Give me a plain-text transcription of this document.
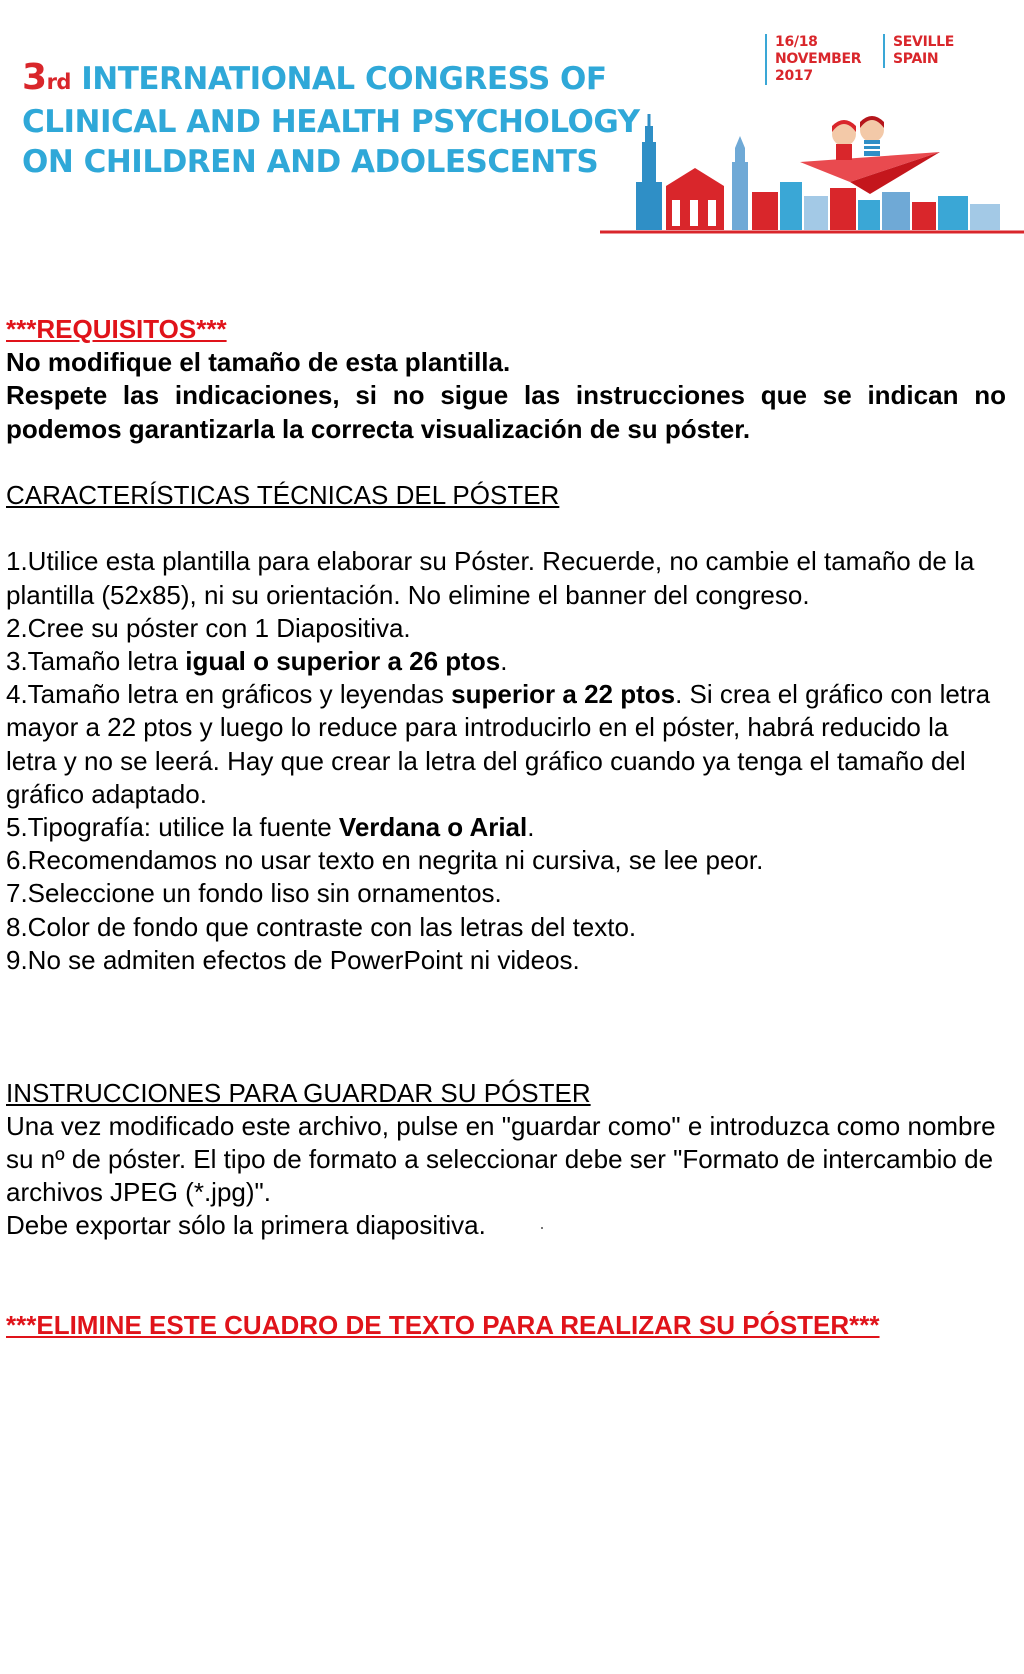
3rd INTERNATIONAL CONGRESS OF
CLINICAL AND HEALTH PSYCHOLOGY
ON CHILDREN AND ADOLESCENTS
16/18
NOVEMBER
2017
SEVILLE
SPAIN

***REQUISITOS***

No modifique el tamaño de esta plantilla.

Respete las indicaciones, si no sigue las instrucciones que se indican no podemos garantizarla la correcta visualización de su póster.

CARACTERÍSTICAS TÉCNICAS DEL PÓSTER

1.Utilice esta plantilla para elaborar su Póster. Recuerde, no cambie el tamaño de la plantilla (52x85), ni su orientación. No elimine el banner del congreso.

2.Cree su póster con 1 Diapositiva.

3.Tamaño letra igual o superior a 26 ptos.

4.Tamaño letra en gráficos y leyendas superior a 22 ptos. Si crea el gráfico con letra mayor a 22 ptos y luego lo reduce para introducirlo en el póster, habrá reducido la letra y no se leerá. Hay que crear la letra del gráfico cuando ya tenga el tamaño del gráfico adaptado.

5.Tipografía: utilice la fuente Verdana o Arial.

6.Recomendamos no usar texto en negrita ni cursiva, se lee peor.

7.Seleccione un fondo liso sin ornamentos.

8.Color de fondo que contraste con las letras del texto.

9.No se admiten efectos de PowerPoint ni videos.

INSTRUCCIONES PARA GUARDAR SU PÓSTER

Una vez modificado este archivo, pulse en "guardar como" e introduzca como nombre su nº de póster. El tipo de formato a seleccionar debe ser "Formato de intercambio de archivos JPEG (*.jpg)".

Debe exportar sólo la primera diapositiva.

***ELIMINE ESTE CUADRO DE TEXTO PARA REALIZAR SU PÓSTER***
